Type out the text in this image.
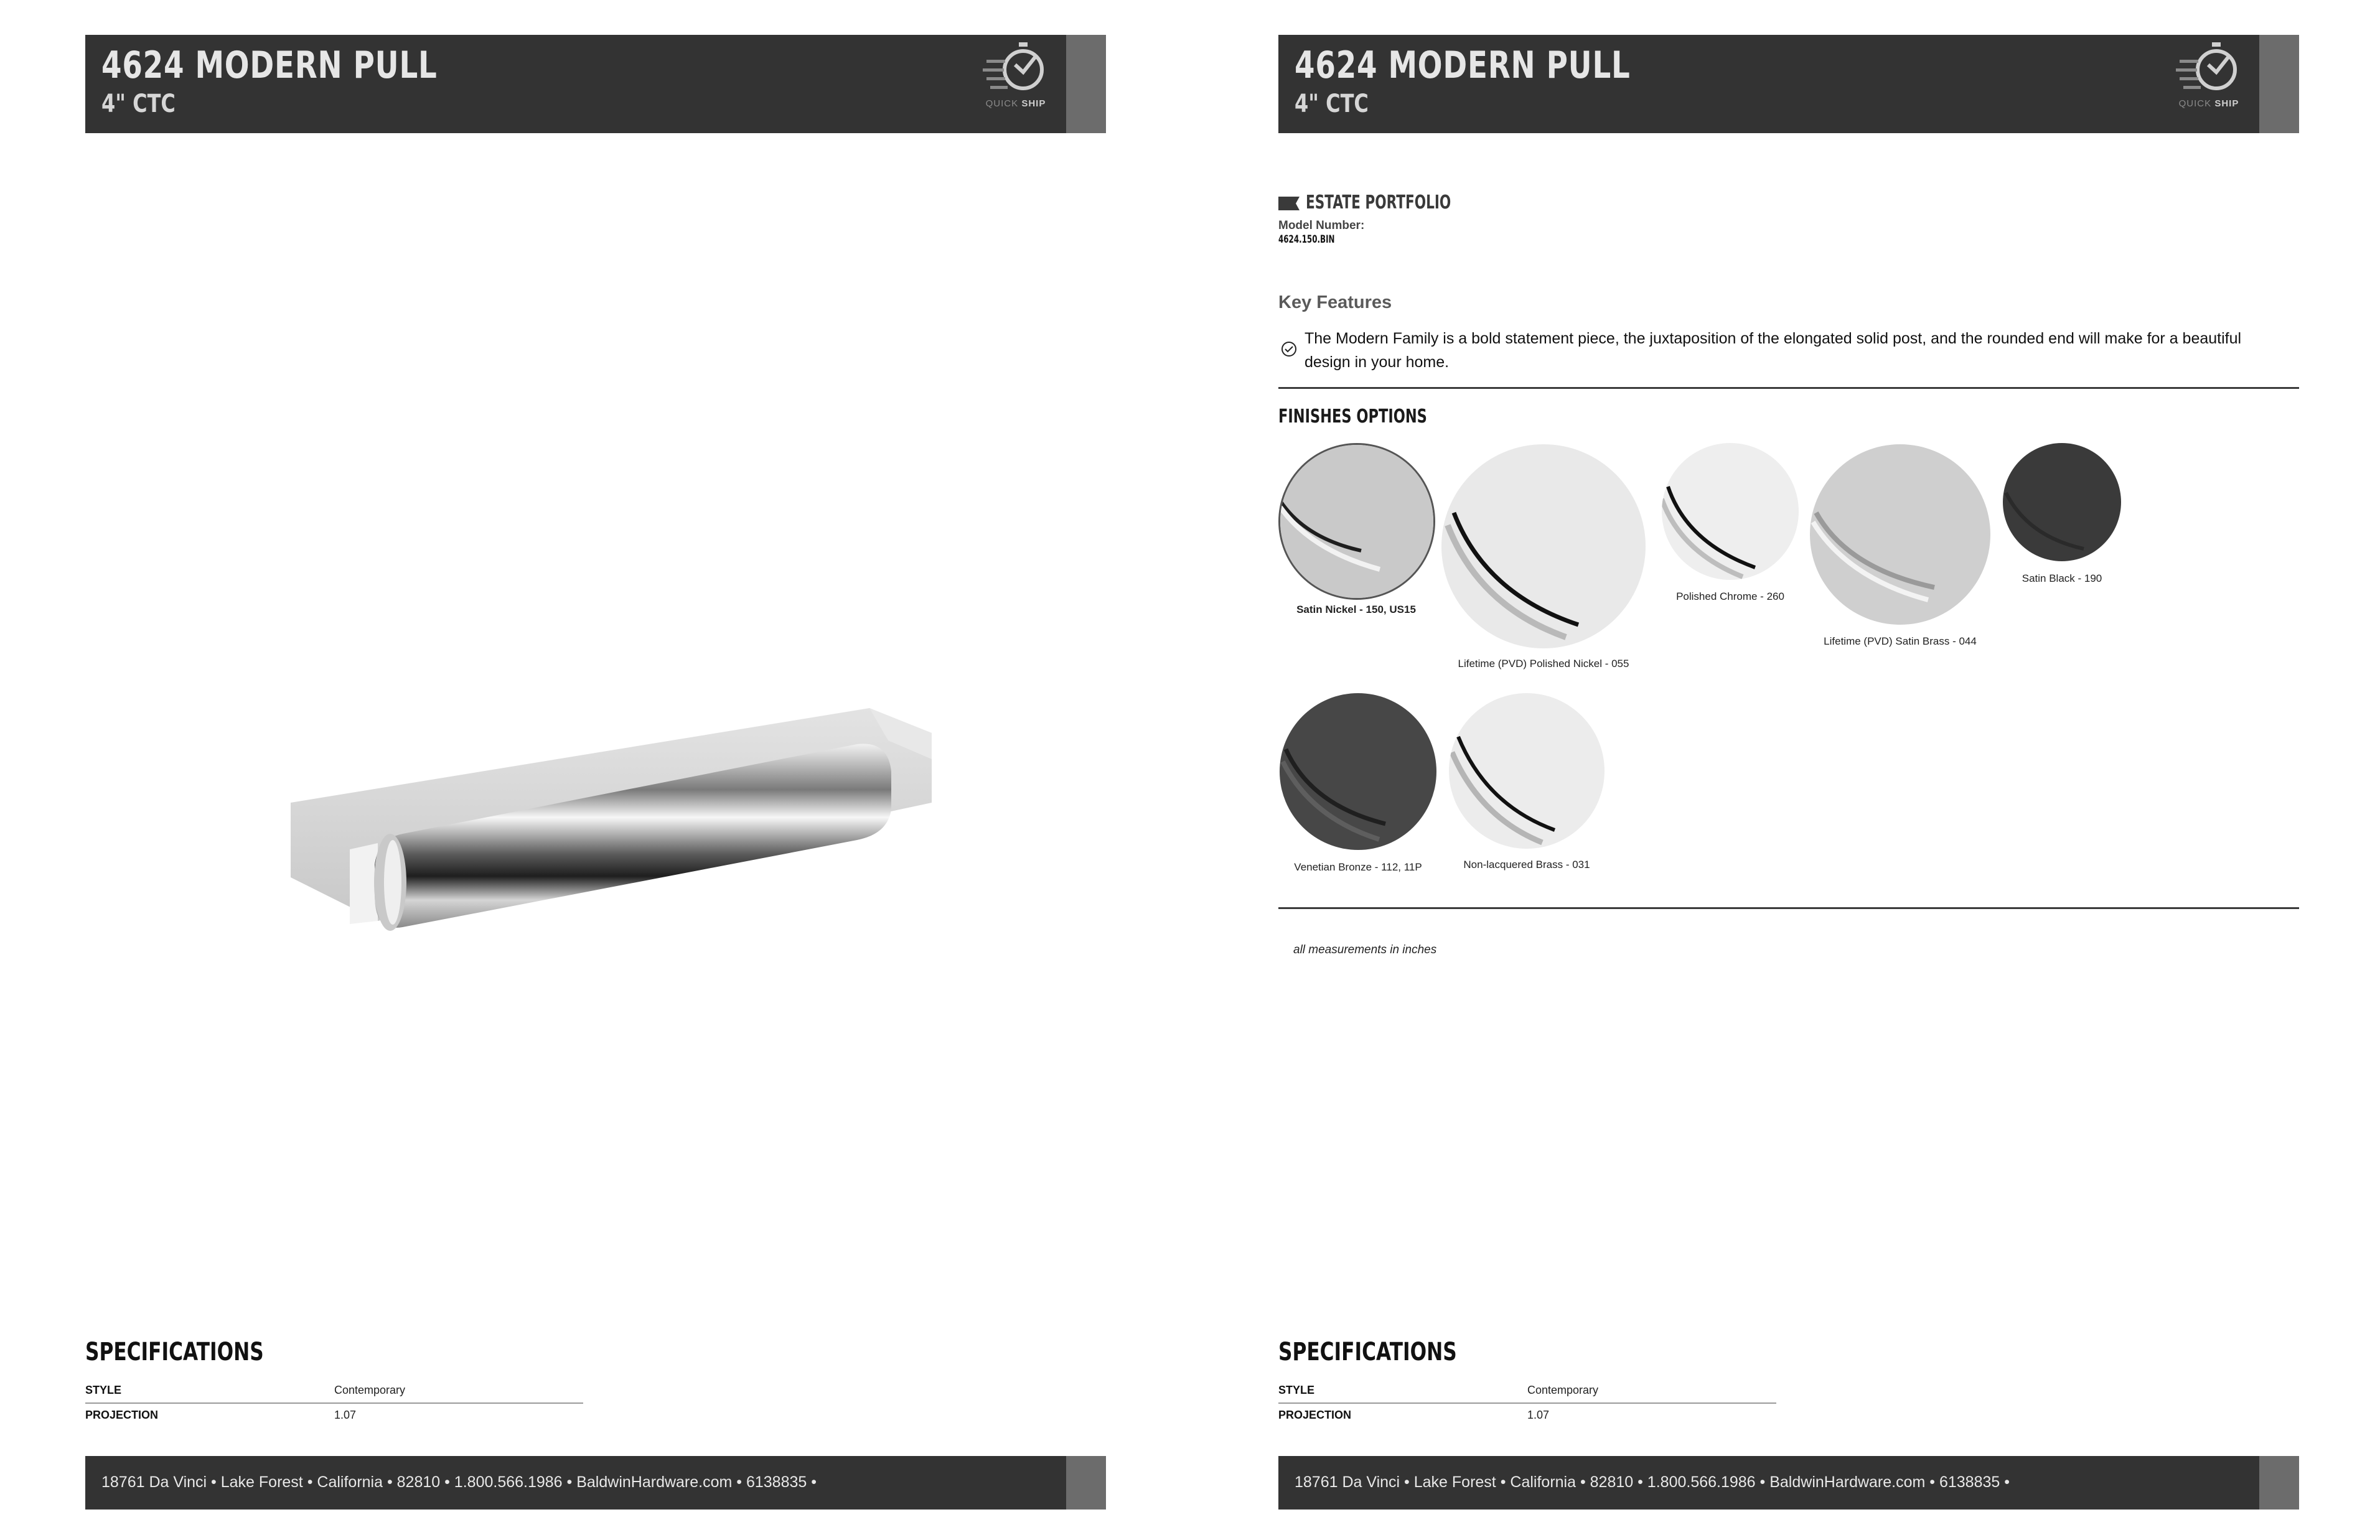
4624 MODERN PULL
4" CTC	QUICK SHIP
SPECIFICATIONS
STYLE	Contemporary
PROJECTION	1.07
18761 Da Vinci • Lake Forest • California • 82810 • 1.800.566.1986 • BaldwinHardware.com • 6138835 •
4624 MODERN PULL
4" CTC	QUICK SHIP
ESTATE PORTFOLIO
Model Number:
4624.150.BIN
Key Features
The Modern Family is a bold statement piece, the juxtaposition of the elongated solid post, and the rounded end will make for a beautiful design in your home.
FINISHES OPTIONS
Satin Nickel - 150, US15
Lifetime (PVD) Polished Nickel - 055
Polished Chrome - 260
Lifetime (PVD) Satin Brass - 044
Satin Black - 190
Venetian Bronze - 112, 11P	Non-lacquered Brass - 031
all measurements in inches
SPECIFICATIONS
STYLE	Contemporary
PROJECTION	1.07
18761 Da Vinci • Lake Forest • California • 82810 • 1.800.566.1986 • BaldwinHardware.com • 6138835 •
